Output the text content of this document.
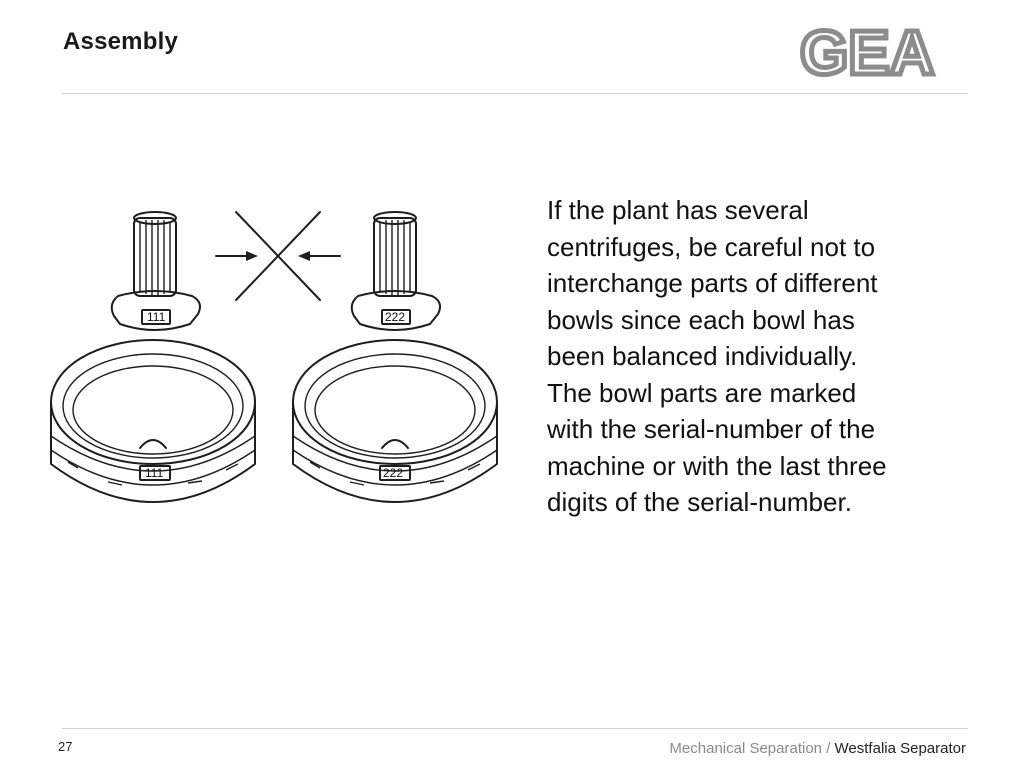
Assembly	GEA
111	222
111	222
If the plant has several
centrifuges, be careful not to
interchange parts of different
bowls since each bowl has
been balanced individually.
The bowl parts are marked
with the serial-number of the
machine or with the last three
digits of the serial-number.
27	Mechanical Separation / Westfalia Separator
